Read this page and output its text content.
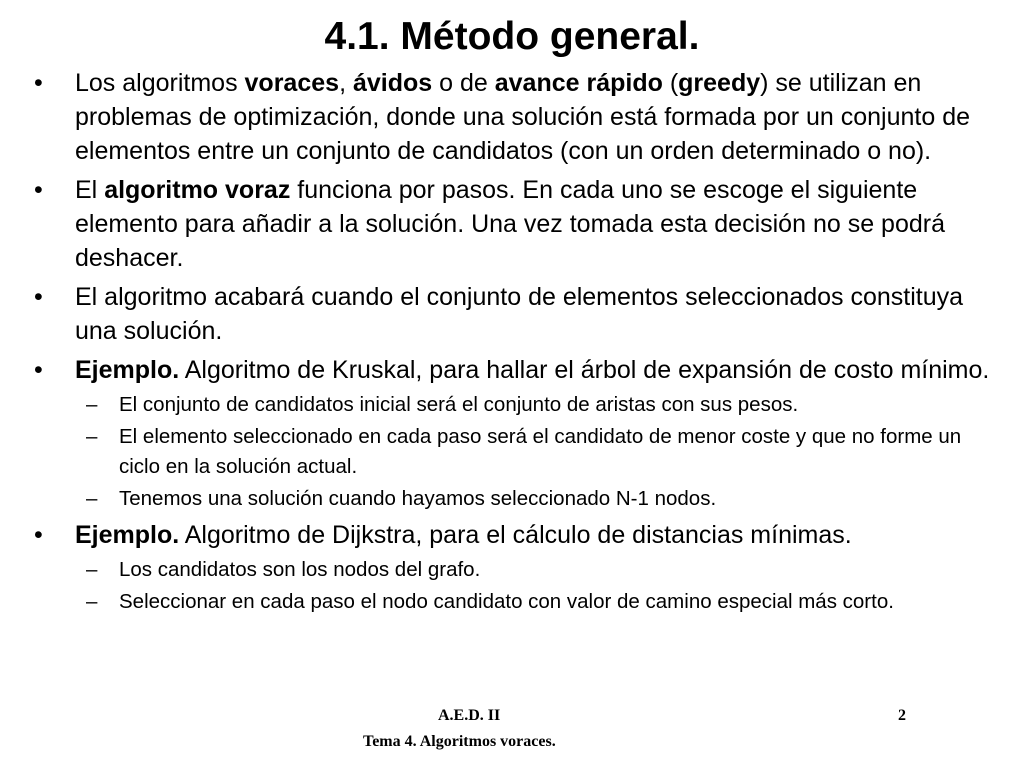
4.1. Método general.
• Los algoritmos voraces, ávidos o de avance rápido (greedy) se utilizan en problemas de optimización, donde una solución está formada por un conjunto de elementos entre un conjunto de candidatos (con un orden determinado o no).
• El algoritmo voraz funciona por pasos. En cada uno se escoge el siguiente elemento para añadir a la solución. Una vez tomada esta decisión no se podrá deshacer.
• El algoritmo acabará cuando el conjunto de elementos seleccionados constituya una solución.
• Ejemplo. Algoritmo de Kruskal, para hallar el árbol de expansión de costo mínimo.
– El conjunto de candidatos inicial será el conjunto de aristas con sus pesos.
– El elemento seleccionado en cada paso será el candidato de menor coste y que no forme un ciclo en la solución actual.
– Tenemos una solución cuando hayamos seleccionado N-1 nodos.
• Ejemplo. Algoritmo de Dijkstra, para el cálculo de distancias mínimas.
– Los candidatos son los nodos del grafo.
– Seleccionar en cada paso el nodo candidato con valor de camino especial más corto.
A.E.D. II
Tema 4. Algoritmos voraces.
2
